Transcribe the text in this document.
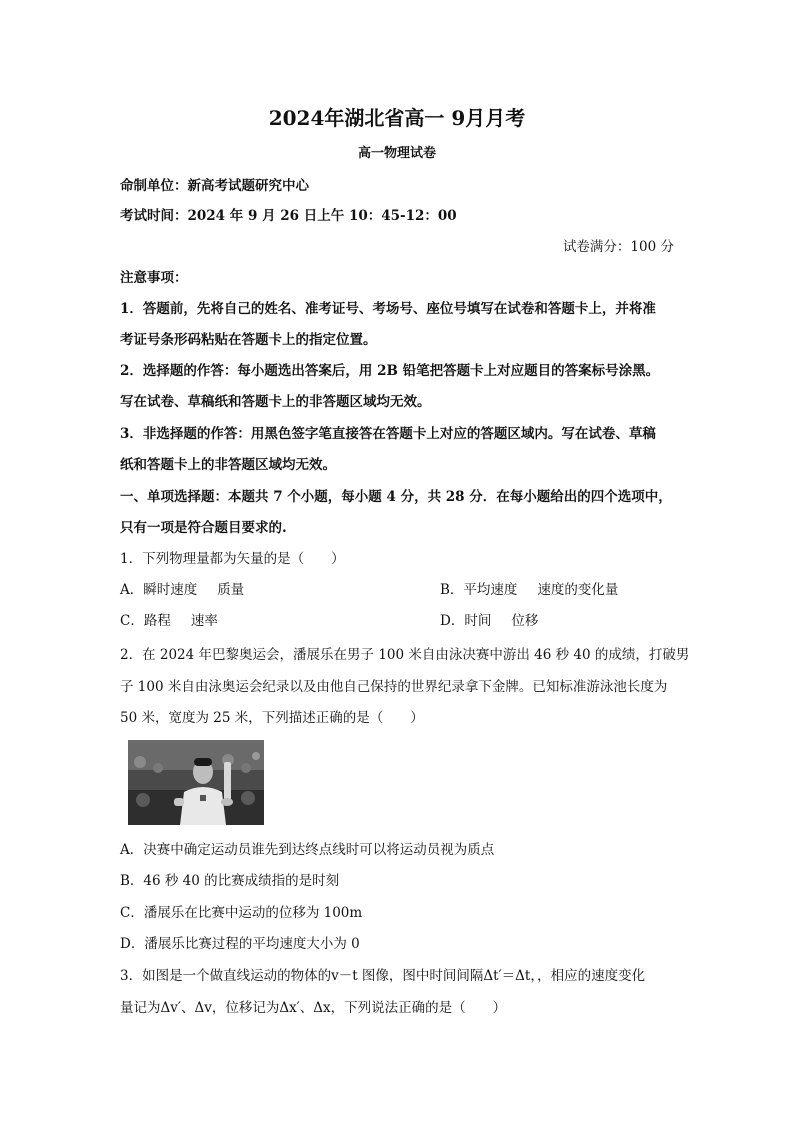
2024年湖北省高一 9月月考
高一物理试卷
命制单位：新高考试题研究中心
考试时间：2024 年 9 月 26 日上午 10：45-12：00
试卷满分：100 分
注意事项：
1．答题前，先将自己的姓名、准考证号、考场号、座位号填写在试卷和答题卡上，并将准
考证号条形码粘贴在答题卡上的指定位置。
2．选择题的作答：每小题选出答案后，用 2B 铅笔把答题卡上对应题目的答案标号涂黑。
写在试卷、草稿纸和答题卡上的非答题区域均无效。
3．非选择题的作答：用黑色签字笔直接答在答题卡上对应的答题区域内。写在试卷、草稿
纸和答题卡上的非答题区域均无效。
一、单项选择题：本题共 7 个小题，每小题 4 分，共 28 分．在每小题给出的四个选项中，
只有一项是符合题目要求的.
1．下列物理量都为矢量的是（　　）
A．瞬时速度 质量	B．平均速度 速度的变化量
C．路程 速率	D．时间 位移
2．在 2024 年巴黎奥运会，潘展乐在男子 100 米自由泳决赛中游出 46 秒 40 的成绩，打破男
子 100 米自由泳奥运会纪录以及由他自己保持的世界纪录拿下金牌。已知标准游泳池长度为
50 米，宽度为 25 米，下列描述正确的是（　　）
A．决赛中确定运动员谁先到达终点线时可以将运动员视为质点
B．46 秒 40 的比赛成绩指的是时刻
C．潘展乐在比赛中运动的位移为 100m
D．潘展乐比赛过程的平均速度大小为 0
3．如图是一个做直线运动的物体的v－t 图像，图中时间间隔Δt′＝Δt，，相应的速度变化
量记为Δv′、Δv，位移记为Δx′、Δx，下列说法正确的是（　　）
